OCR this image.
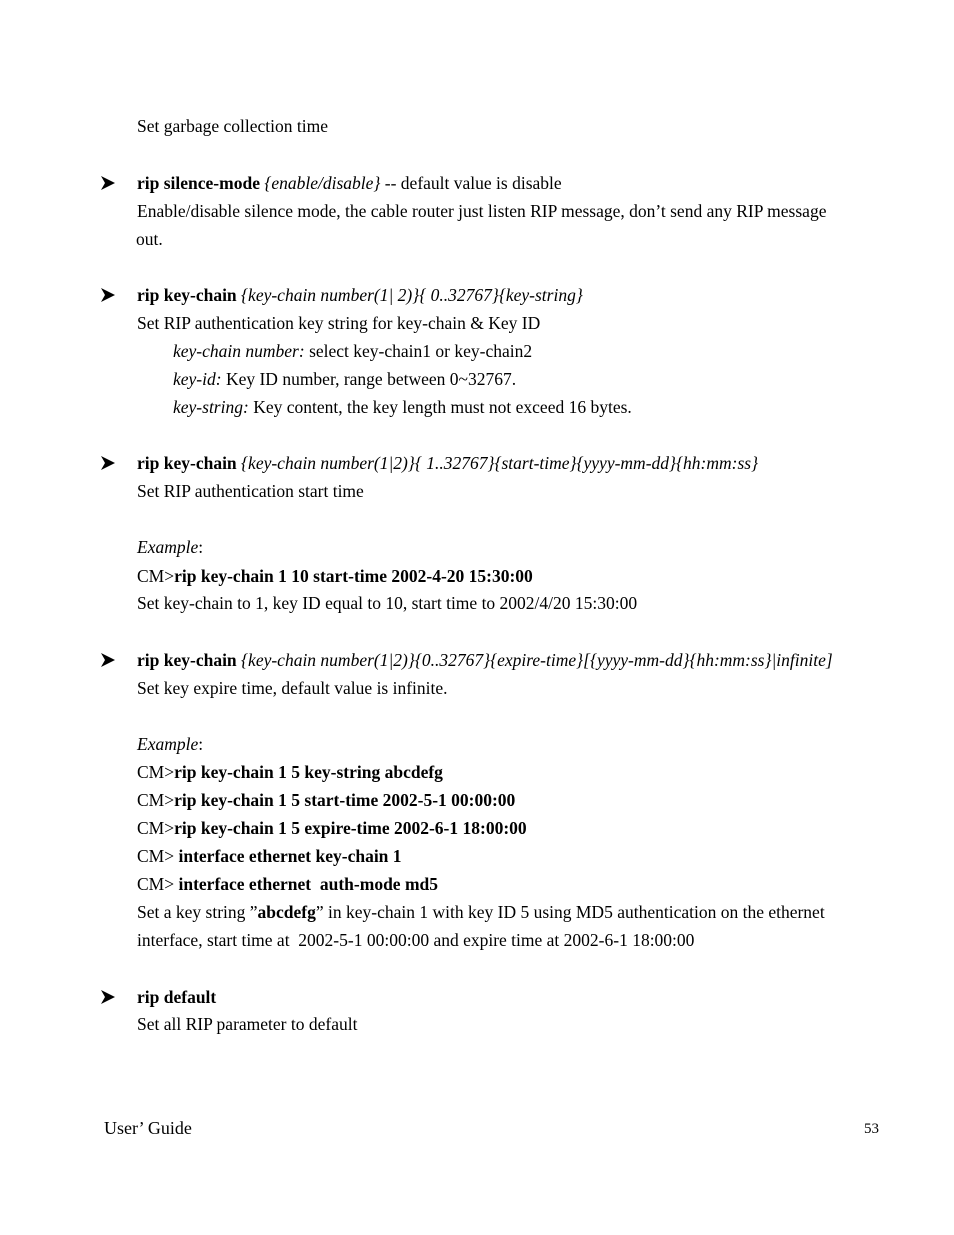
Set garbage collection time
rip silence-mode {enable/disable} -- default value is disable
Enable/disable silence mode, the cable router just listen RIP message, don’t send any RIP message
out.
rip key-chain {key-chain number(1| 2)}{ 0..32767}{key-string}
Set RIP authentication key string for key-chain & Key ID
key-chain number: select key-chain1 or key-chain2
key-id: Key ID number, range between 0~32767.
key-string: Key content, the key length must not exceed 16 bytes.
rip key-chain {key-chain number(1|2)}{ 1..32767}{start-time}{yyyy-mm-dd}{hh:mm:ss}
Set RIP authentication start time
Example:
CM>rip key-chain 1 10 start-time 2002-4-20 15:30:00
Set key-chain to 1, key ID equal to 10, start time to 2002/4/20 15:30:00
rip key-chain {key-chain number(1|2)}{0..32767}{expire-time}[{yyyy-mm-dd}{hh:mm:ss}|infinite]
Set key expire time, default value is infinite.
Example:
CM>rip key-chain 1 5 key-string abcdefg
CM>rip key-chain 1 5 start-time 2002-5-1 00:00:00
CM>rip key-chain 1 5 expire-time 2002-6-1 18:00:00
CM> interface ethernet key-chain 1
CM> interface ethernet  auth-mode md5
Set a key string ”abcdefg” in key-chain 1 with key ID 5 using MD5 authentication on the ethernet
interface, start time at  2002-5-1 00:00:00 and expire time at 2002-6-1 18:00:00
rip default
Set all RIP parameter to default
User’ Guide	53
